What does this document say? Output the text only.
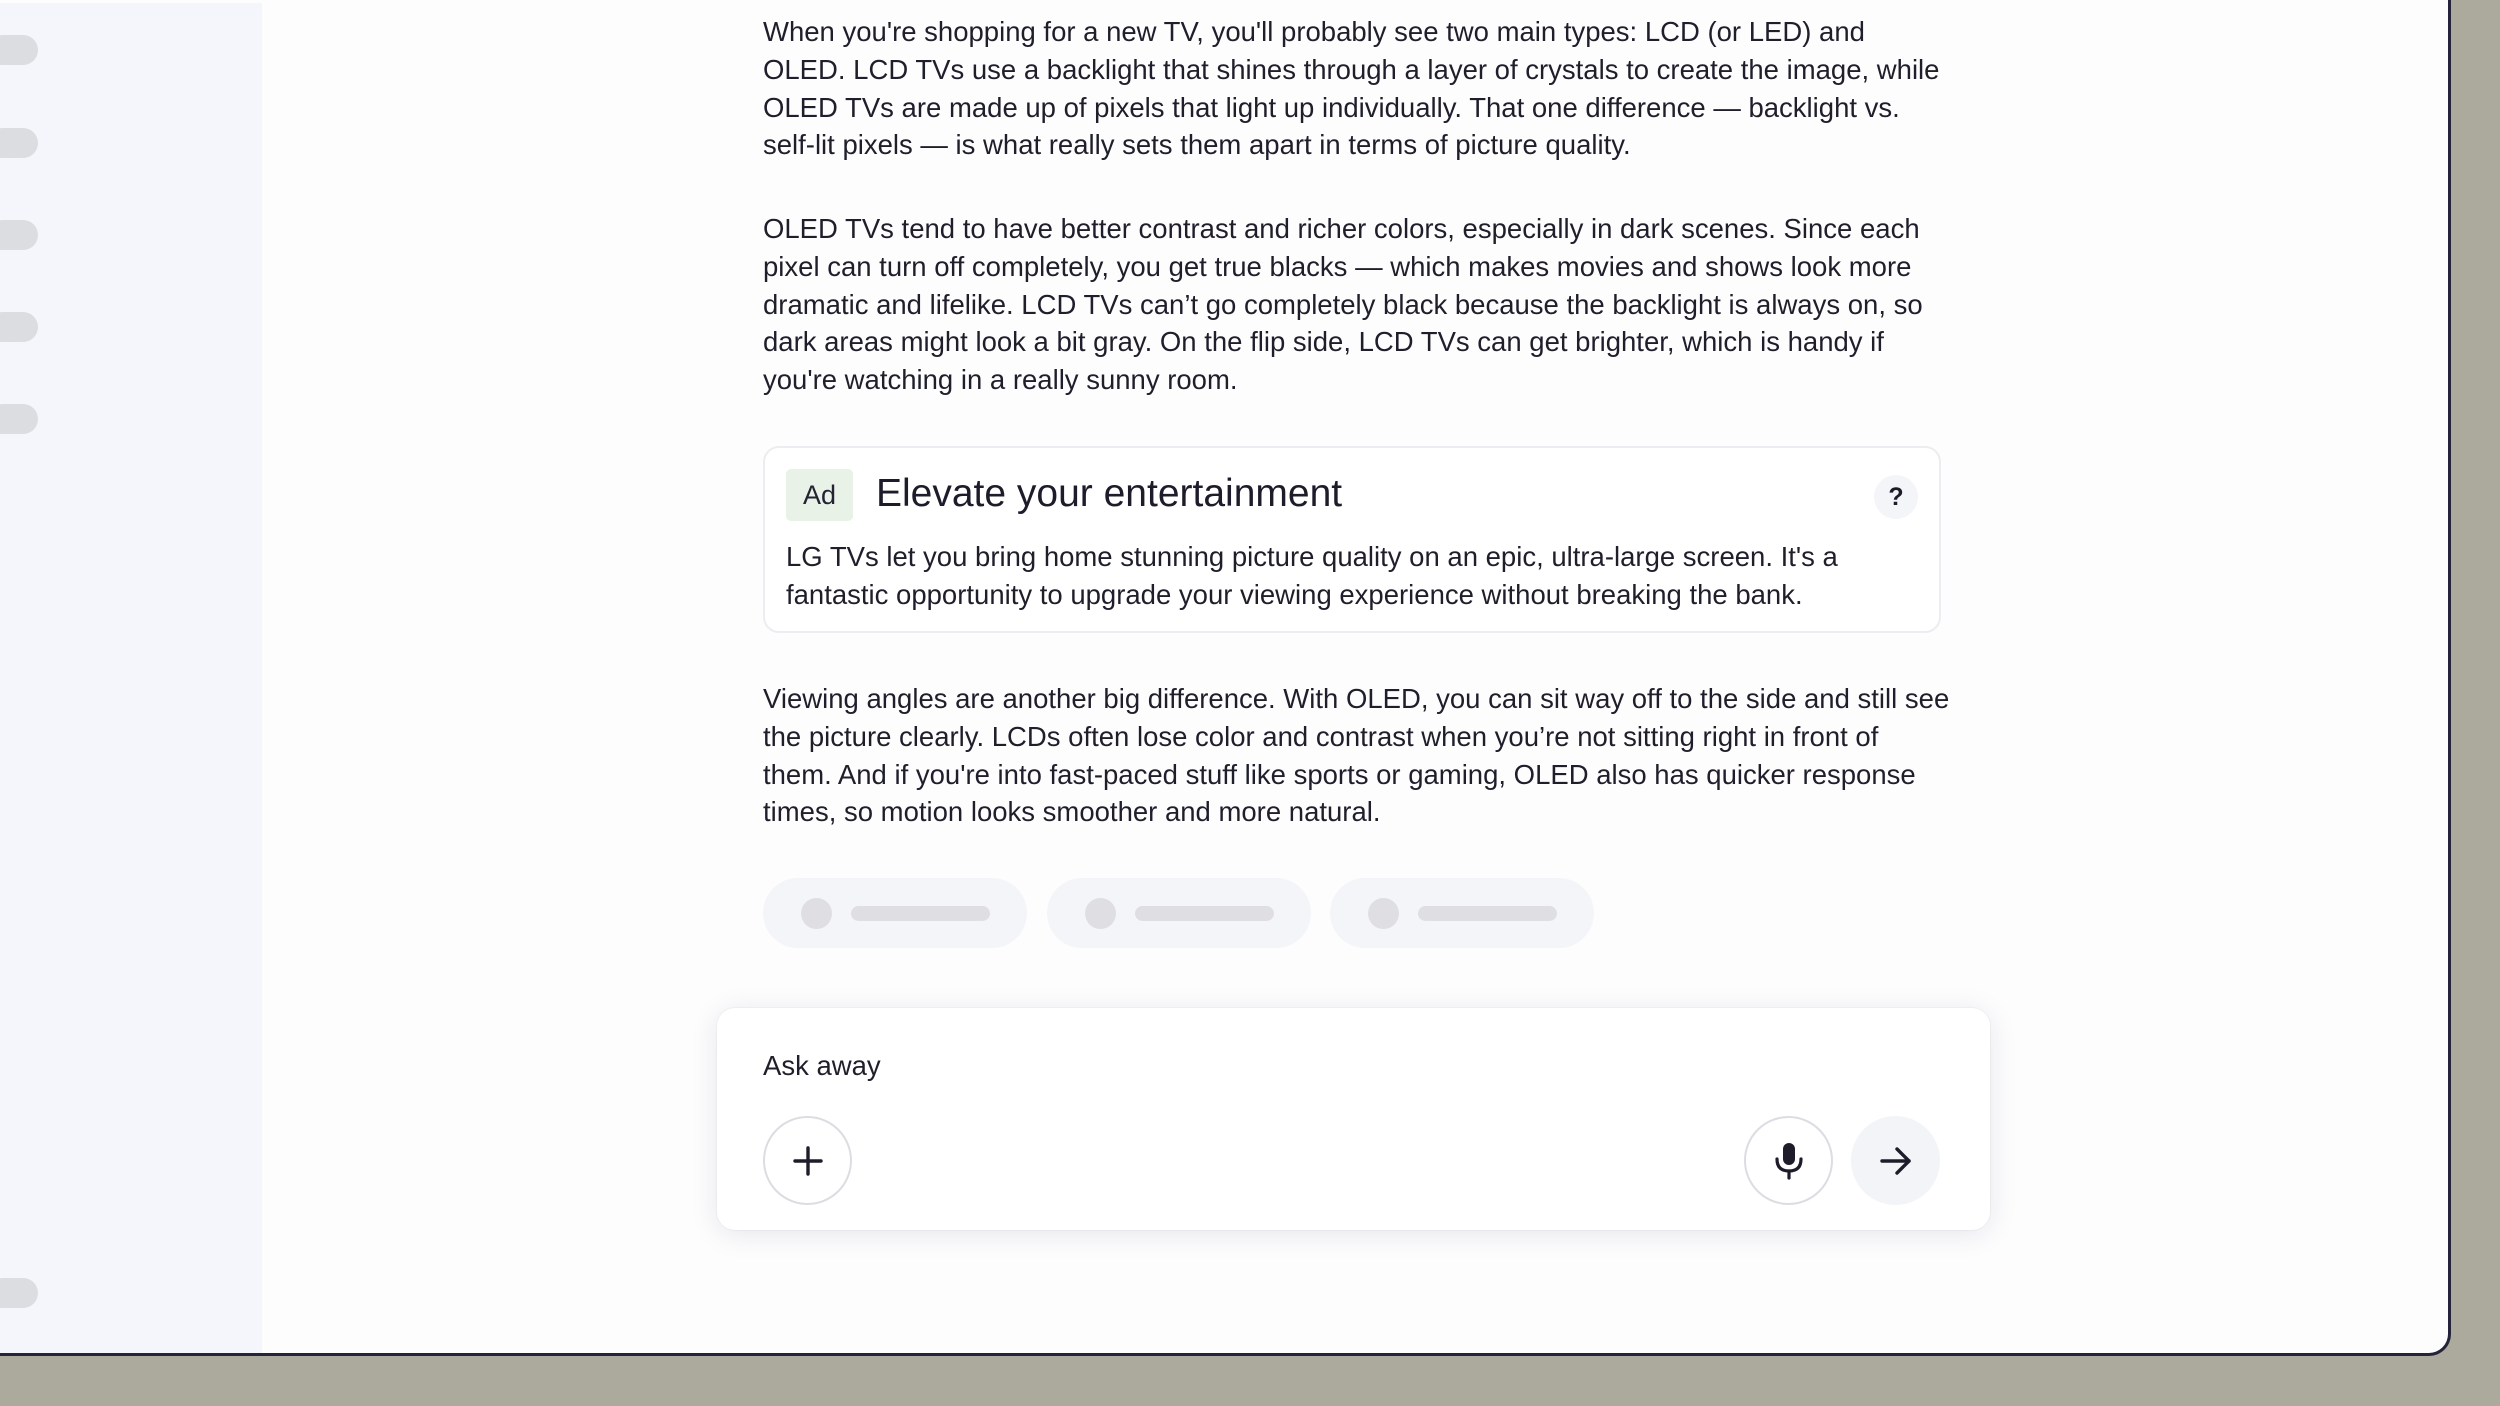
When you're shopping for a new TV, you'll probably see two main types: LCD (or LED) and OLED. LCD TVs use a backlight that shines through a layer of crystals to create the image, while OLED TVs are made up of pixels that light up individually. That one difference — backlight vs. self-lit pixels — is what really sets them apart in terms of picture quality.

OLED TVs tend to have better contrast and richer colors, especially in dark scenes. Since each pixel can turn off completely, you get true blacks — which makes movies and shows look more dramatic and lifelike. LCD TVs can’t go completely black because the backlight is always on, so dark areas might look a bit gray. On the flip side, LCD TVs can get brighter, which is handy if you're watching in a really sunny room.

Ad	Elevate your entertainment	?

LG TVs let you bring home stunning picture quality on an epic, ultra-large screen. It's a fantastic opportunity to upgrade your viewing experience without breaking the bank.

Viewing angles are another big difference. With OLED, you can sit way off to the side and still see the picture clearly. LCDs often lose color and contrast when you’re not sitting right in front of them. And if you're into fast-paced stuff like sports or gaming, OLED also has quicker response times, so motion looks smoother and more natural.

Ask away
